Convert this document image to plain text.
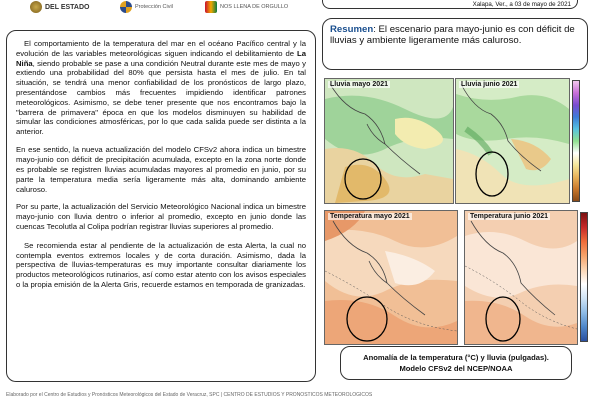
DEL ESTADO	Protección Civil	NOS LLENA DE ORGULLO	Xalapa, Ver., a 03 de mayo de 2021

El comportamiento de la temperatura del mar en el océano Pacífico central y la evolución de las variables meteorológicas siguen indicando el debilitamiento de La Niña, siendo probable se pase a una condición Neutral durante este mes de mayo y extiendo una probabilidad del 80% que persista hasta el mes de julio. En tal situación, se tendrá una menor confiabilidad de los pronósticos de largo plazo, presentándose cambios más frecuentes impidiendo identificar patrones meteorológicos. Asimismo, se debe tener presente que nos encontramos bajo la "barrera de primavera" época en que los modelos disminuyen su habilidad de simular las condiciones atmosféricas, por lo que cada salida puede ser distinta a la anterior.

En ese sentido, la nueva actualización del modelo CFSv2 ahora indica un bimestre mayo-junio con déficit de precipitación acumulada, excepto en la zona norte donde es probable se registren lluvias acumuladas mayores al promedio en junio, por su parte la temperatura media sería ligeramente más alta, dominando ambiente caluroso.

Por su parte, la actualización del Servicio Meteorológico Nacional indica un bimestre mayo-junio con lluvia dentro o inferior al promedio, excepto en junio donde las cuencas Tecolutla al Colipa podrían registrar lluvias superiores al promedio.

Se recomienda estar al pendiente de la actualización de esta Alerta, la cual no contempla eventos extremos locales y de corta duración. Asimismo, dada la perspectiva de lluvias-temperaturas es muy importante consultar diariamente los productos meteorológicos rutinarios, así como estar atento con los avisos especiales o la propia emisión de la Alerta Gris, recuerde estamos en temporada de granizadas.

Resumen: El escenario para mayo-junio es con déficit de lluvias y ambiente ligeramente más caluroso.
Lluvia mayo 2021	Lluvia junio 2021
Temperatura mayo 2021	Temperatura junio 2021
Anomalía de la temperatura (°C) y lluvia (pulgadas).
Modelo CFSv2 del NCEP/NOAA
Elaborado por el Centro de Estudios y Pronósticos Meteorológicos del Estado de Veracruz, SPC | CENTRO DE ESTUDIOS Y PRONÓSTICOS METEOROLÓGICOS
